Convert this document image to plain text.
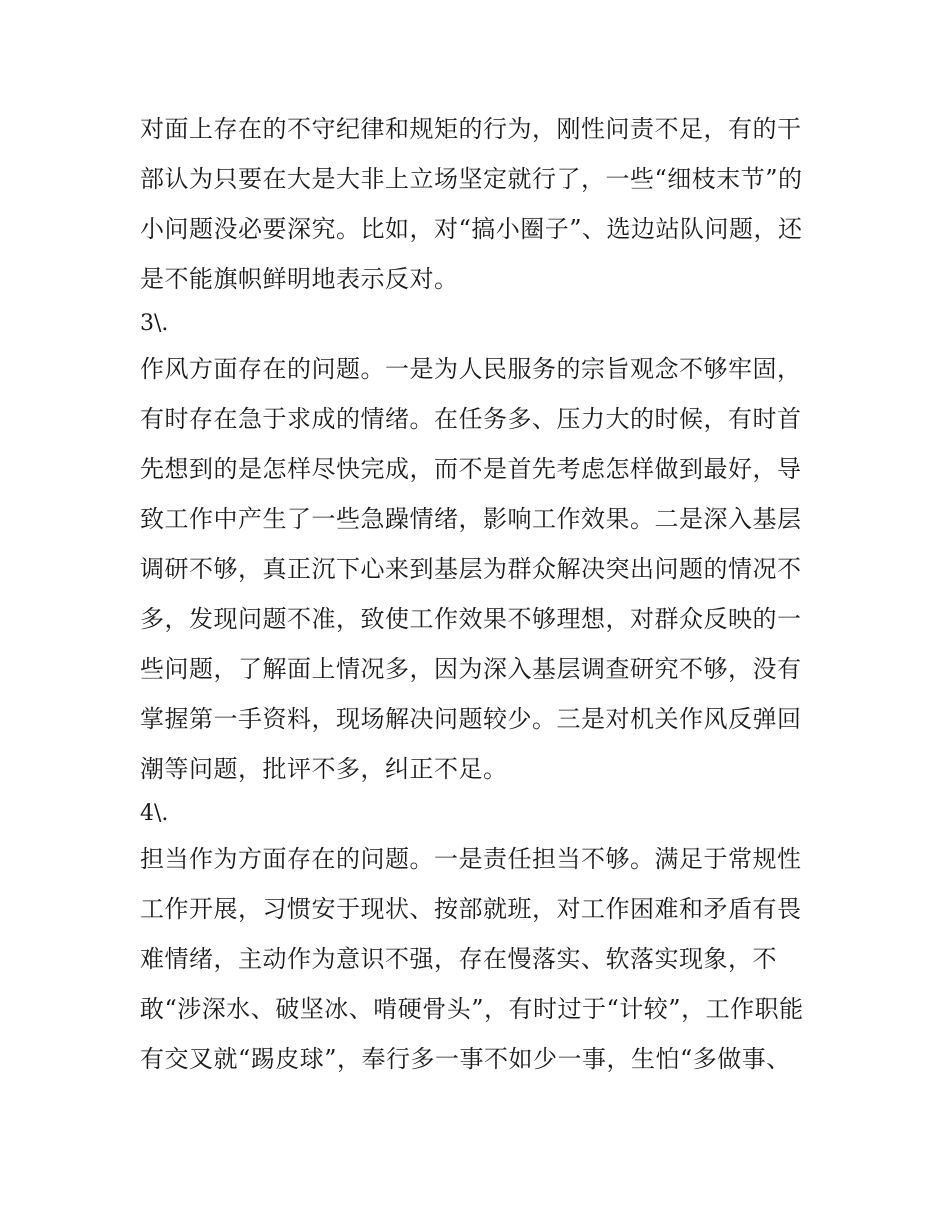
对面上存在的不守纪律和规矩的行为，刚性问责不足，有的干
部认为只要在大是大非上立场坚定就行了，一些“细枝末节”的
小问题没必要深究。比如，对“搞小圈子”、选边站队问题，还
是不能旗帜鲜明地表示反对。
3\.
作风方面存在的问题。一是为人民服务的宗旨观念不够牢固，
有时存在急于求成的情绪。在任务多、压力大的时候，有时首
先想到的是怎样尽快完成，而不是首先考虑怎样做到最好，导
致工作中产生了一些急躁情绪，影响工作效果。二是深入基层
调研不够，真正沉下心来到基层为群众解决突出问题的情况不
多，发现问题不准，致使工作效果不够理想，对群众反映的一
些问题，了解面上情况多，因为深入基层调查研究不够，没有
掌握第一手资料，现场解决问题较少。三是对机关作风反弹回
潮等问题，批评不多，纠正不足。
4\.
担当作为方面存在的问题。一是责任担当不够。满足于常规性
工作开展，习惯安于现状、按部就班，对工作困难和矛盾有畏
难情绪，主动作为意识不强，存在慢落实、软落实现象，不
敢“涉深水、破坚冰、啃硬骨头”，有时过于“计较”，工作职能
有交叉就“踢皮球”，奉行多一事不如少一事，生怕“多做事、
